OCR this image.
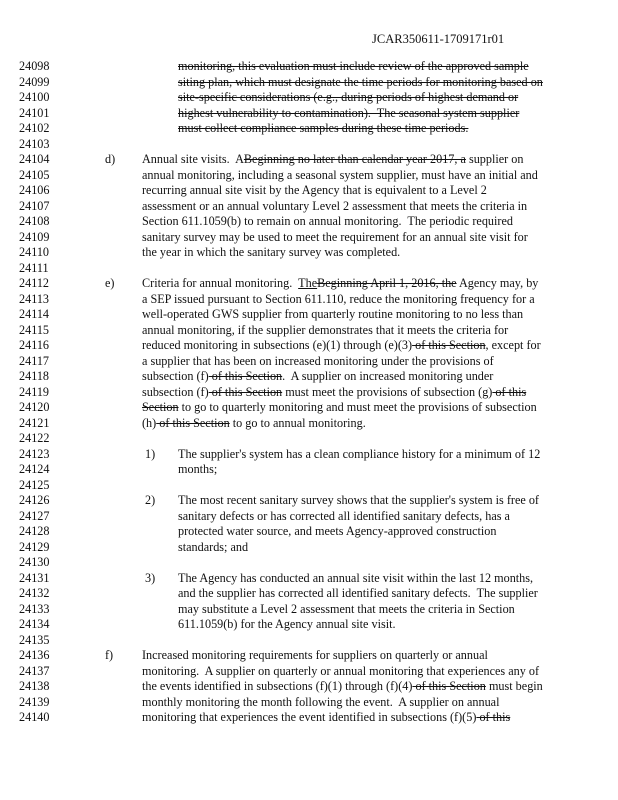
JCAR350611-1709171r01
24098	monitoring, this evaluation must include review of the approved sample
24099	siting plan, which must designate the time periods for monitoring based on
24100	site-specific considerations (e.g., during periods of highest demand or
24101	highest vulnerability to contamination).  The seasonal system supplier
24102	must collect compliance samples during these time periods.
24103
24104	d) Annual site visits.  ABeginning no later than calendar year 2017, a supplier on
24105	annual monitoring, including a seasonal system supplier, must have an initial and
24106	recurring annual site visit by the Agency that is equivalent to a Level 2
24107	assessment or an annual voluntary Level 2 assessment that meets the criteria in
24108	Section 611.1059(b) to remain on annual monitoring.  The periodic required
24109	sanitary survey may be used to meet the requirement for an annual site visit for
24110	the year in which the sanitary survey was completed.
24111
24112	e) Criteria for annual monitoring.  TheBeginning April 1, 2016, the Agency may, by
24113	a SEP issued pursuant to Section 611.110, reduce the monitoring frequency for a
24114	well-operated GWS supplier from quarterly routine monitoring to no less than
24115	annual monitoring, if the supplier demonstrates that it meets the criteria for
24116	reduced monitoring in subsections (e)(1) through (e)(3) of this Section, except for
24117	a supplier that has been on increased monitoring under the provisions of
24118	subsection (f) of this Section.  A supplier on increased monitoring under
24119	subsection (f) of this Section must meet the provisions of subsection (g) of this
24120	Section to go to quarterly monitoring and must meet the provisions of subsection
24121	(h) of this Section to go to annual monitoring.
24122
24123	1) The supplier's system has a clean compliance history for a minimum of 12
24124	months;
24125
24126	2) The most recent sanitary survey shows that the supplier's system is free of
24127	sanitary defects or has corrected all identified sanitary defects, has a
24128	protected water source, and meets Agency-approved construction
24129	standards; and
24130
24131	3) The Agency has conducted an annual site visit within the last 12 months,
24132	and the supplier has corrected all identified sanitary defects.  The supplier
24133	may substitute a Level 2 assessment that meets the criteria in Section
24134	611.1059(b) for the Agency annual site visit.
24135
24136	f) Increased monitoring requirements for suppliers on quarterly or annual
24137	monitoring.  A supplier on quarterly or annual monitoring that experiences any of
24138	the events identified in subsections (f)(1) through (f)(4) of this Section must begin
24139	monthly monitoring the month following the event.  A supplier on annual
24140	monitoring that experiences the event identified in subsections (f)(5) of this
